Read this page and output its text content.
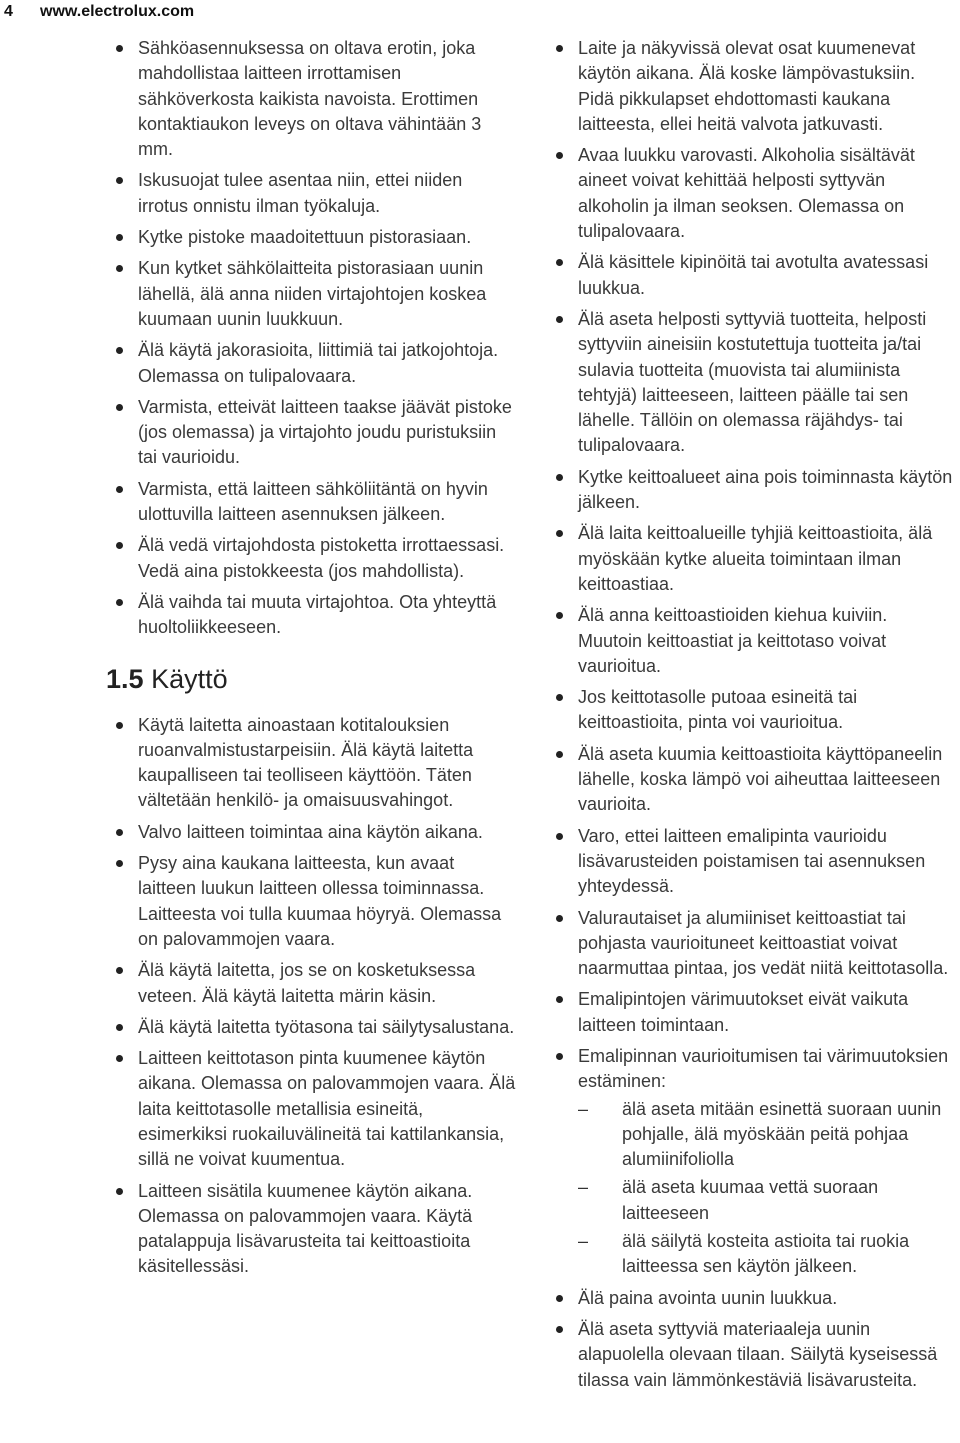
4 www.electrolux.com
Sähköasennuksessa on oltava erotin, joka mahdollistaa laitteen irrottamisen sähköverkosta kaikista navoista. Erottimen kontaktiaukon leveys on oltava vähintään 3 mm.
Iskusuojat tulee asentaa niin, ettei niiden irrotus onnistu ilman työkaluja.
Kytke pistoke maadoitettuun pistorasiaan.
Kun kytket sähkölaitteita pistorasiaan uunin lähellä, älä anna niiden virtajohtojen koskea kuumaan uunin luukkuun.
Älä käytä jakorasioita, liittimiä tai jatkojohtoja. Olemassa on tulipalovaara.
Varmista, etteivät laitteen taakse jäävät pistoke (jos olemassa) ja virtajohto joudu puristuksiin tai vaurioidu.
Varmista, että laitteen sähköliitäntä on hyvin ulottuvilla laitteen asennuksen jälkeen.
Älä vedä virtajohdosta pistoketta irrottaessasi. Vedä aina pistokkeesta (jos mahdollista).
Älä vaihda tai muuta virtajohtoa. Ota yhteyttä huoltoliikkeeseen.
1.5 Käyttö
Käytä laitetta ainoastaan kotitalouksien ruoanvalmistustarpeisiin. Älä käytä laitetta kaupalliseen tai teolliseen käyttöön. Täten vältetään henkilö- ja omaisuusvahingot.
Valvo laitteen toimintaa aina käytön aikana.
Pysy aina kaukana laitteesta, kun avaat laitteen luukun laitteen ollessa toiminnassa. Laitteesta voi tulla kuumaa höyryä. Olemassa on palovammojen vaara.
Älä käytä laitetta, jos se on kosketuksessa veteen. Älä käytä laitetta märin käsin.
Älä käytä laitetta työtasona tai säilytysalustana.
Laitteen keittotason pinta kuumenee käytön aikana. Olemassa on palovammojen vaara. Älä laita keittotasolle metallisia esineitä, esimerkiksi ruokailuvälineitä tai kattilankansia, sillä ne voivat kuumentua.
Laitteen sisätila kuumenee käytön aikana. Olemassa on palovammojen vaara. Käytä patalappuja lisävarusteita tai keittoastioita käsitellessäsi.
Laite ja näkyvissä olevat osat kuumenevat käytön aikana. Älä koske lämpövastuksiin. Pidä pikkulapset ehdottomasti kaukana laitteesta, ellei heitä valvota jatkuvasti.
Avaa luukku varovasti. Alkoholia sisältävät aineet voivat kehittää helposti syttyvän alkoholin ja ilman seoksen. Olemassa on tulipalovaara.
Älä käsittele kipinöitä tai avotulta avatessasi luukkua.
Älä aseta helposti syttyviä tuotteita, helposti syttyviin aineisiin kostutettuja tuotteita ja/tai sulavia tuotteita (muovista tai alumiinista tehtyjä) laitteeseen, laitteen päälle tai sen lähelle. Tällöin on olemassa räjähdys- tai tulipalovaara.
Kytke keittoalueet aina pois toiminnasta käytön jälkeen.
Älä laita keittoalueille tyhjiä keittoastioita, älä myöskään kytke alueita toimintaan ilman keittoastiaa.
Älä anna keittoastioiden kiehua kuiviin. Muutoin keittoastiat ja keittotaso voivat vaurioitua.
Jos keittotasolle putoaa esineitä tai keittoastioita, pinta voi vaurioitua.
Älä aseta kuumia keittoastioita käyttöpaneelin lähelle, koska lämpö voi aiheuttaa laitteeseen vaurioita.
Varo, ettei laitteen emalipinta vaurioidu lisävarusteiden poistamisen tai asennuksen yhteydessä.
Valurautaiset ja alumiiniset keittoastiat tai pohjasta vaurioituneet keittoastiat voivat naarmuttaa pintaa, jos vedät niitä keittotasolla.
Emalipintojen värimuutokset eivät vaikuta laitteen toimintaan.
Emalipinnan vaurioitumisen tai värimuutoksien estäminen:
– älä aseta mitään esinettä suoraan uunin pohjalle, älä myöskään peitä pohjaa alumiinifoliolla
– älä aseta kuumaa vettä suoraan laitteeseen
– älä säilytä kosteita astioita tai ruokia laitteessa sen käytön jälkeen.
Älä paina avointa uunin luukkua.
Älä aseta syttyviä materiaaleja uunin alapuolella olevaan tilaan. Säilytä kyseisessä tilassa vain lämmönkestäviä lisävarusteita.
